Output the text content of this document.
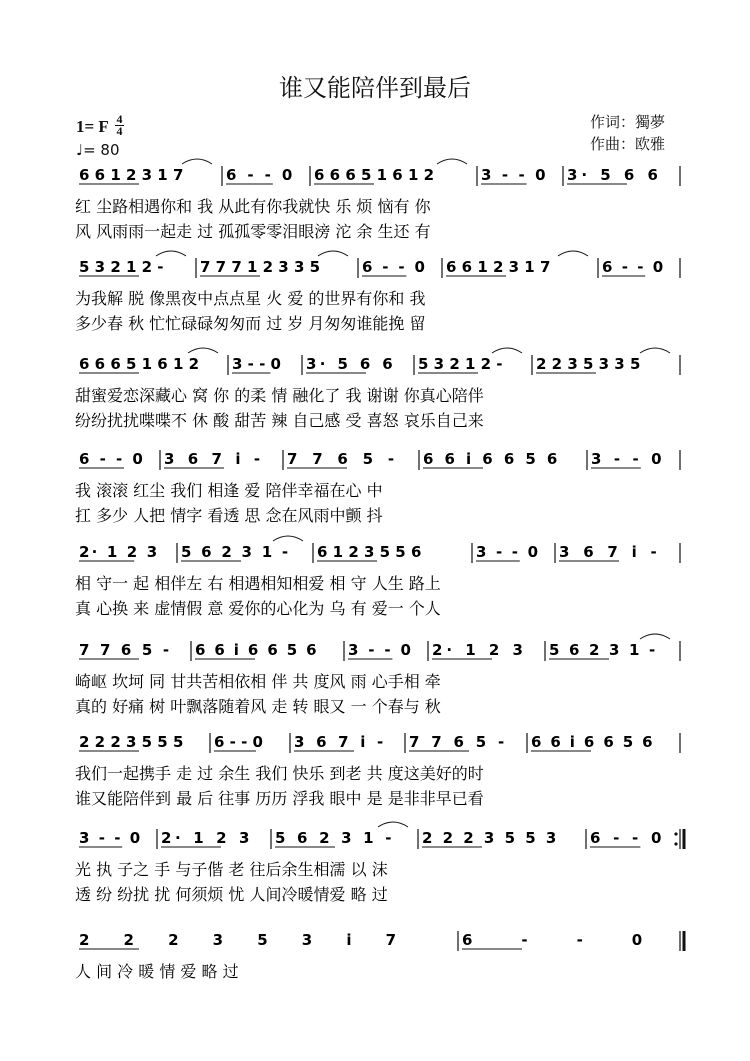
谁又能陪伴到最后
1= F 4
4
♩= 80
作词：獨夢
作曲：欧雅
6 6 1 2 3 1 7	6 - - 0 6 6 6 5 1 6 1 2	3 - - 0 3· 5 6 6
红 尘路相遇你和 我 从此有你我就快 乐 烦 恼有 你
风 风雨雨一起走 过 孤孤零零泪眼滂 沱 余 生还 有
5 3 2 1 2 - 7 7 7 1 2 3 3 5	6 - - 0 6 6 1 2 3 1 7	6 - - 0
为我解 脱 像黑夜中点点星 火 爱 的世界有你和 我
多少春 秋 忙忙碌碌匆匆而 过 岁 月匆匆谁能挽 留
6 6 6 5 1 6 1 2 3 - - 0 3· 5 6 6 5 3 2 1 2 - 2 2 3 5 3 3 5
甜蜜爱恋深藏心 窝 你 的柔 情 融化了 我 谢谢 你真心陪伴
纷纷扰扰喋喋不 休 酸 甜苦 辣 自己感 受 喜怒 哀乐自己来
6 - - 0 3 6 7 i - 7 7 6 5 - 6 6 i 6 6 5 6 3 - - 0
我 滚滚 红尘 我们 相逢 爱 陪伴幸福在心 中
扛 多少 人把 情字 看透 思 念在风雨中颤 抖
2· 1 2 3 5 6 2 3 1 - 6 1 2 3 5 5 6	3 - - 0 3 6 7 i -
相 守一 起 相伴左 右 相遇相知相爱 相 守 人生 路上
真 心换 来 虚情假 意 爱你的心化为 乌 有 爱一 个人
7 7 6 5 - 6 6 i 6 6 5 6 3 - - 0 2· 1 2 3 5 6 2 3 1 -
崎岖 坎坷 同 甘共苦相依相 伴 共 度风 雨 心手相 牵
真的 好痛 树 叶飘落随着风 走 转 眼又 一 个春与 秋
2 2 2 3 5 5 5 6 - - 0 3 6 7 i - 7 7 6 5 - 6 6 i 6 6 5 6
我们一起携手 走 过 余生 我们 快乐 到老 共 度这美好的时
谁又能陪伴到 最 后 往事 历历 浮我 眼中 是 是非非早已看
3 - - 0 2· 1 2 3 5 6 2 3 1 - 2 2 2 3 5 5 3 6 - - 0
光 执 子之 手 与子偕 老 往后余生相濡 以 沫
透 纷 纷扰 扰 何须烦 忧 人间冷暖情爱 略 过
2 2 2 3 5 3 i 7	6 - - 0
人 间 冷 暖 情 爱 略 过
